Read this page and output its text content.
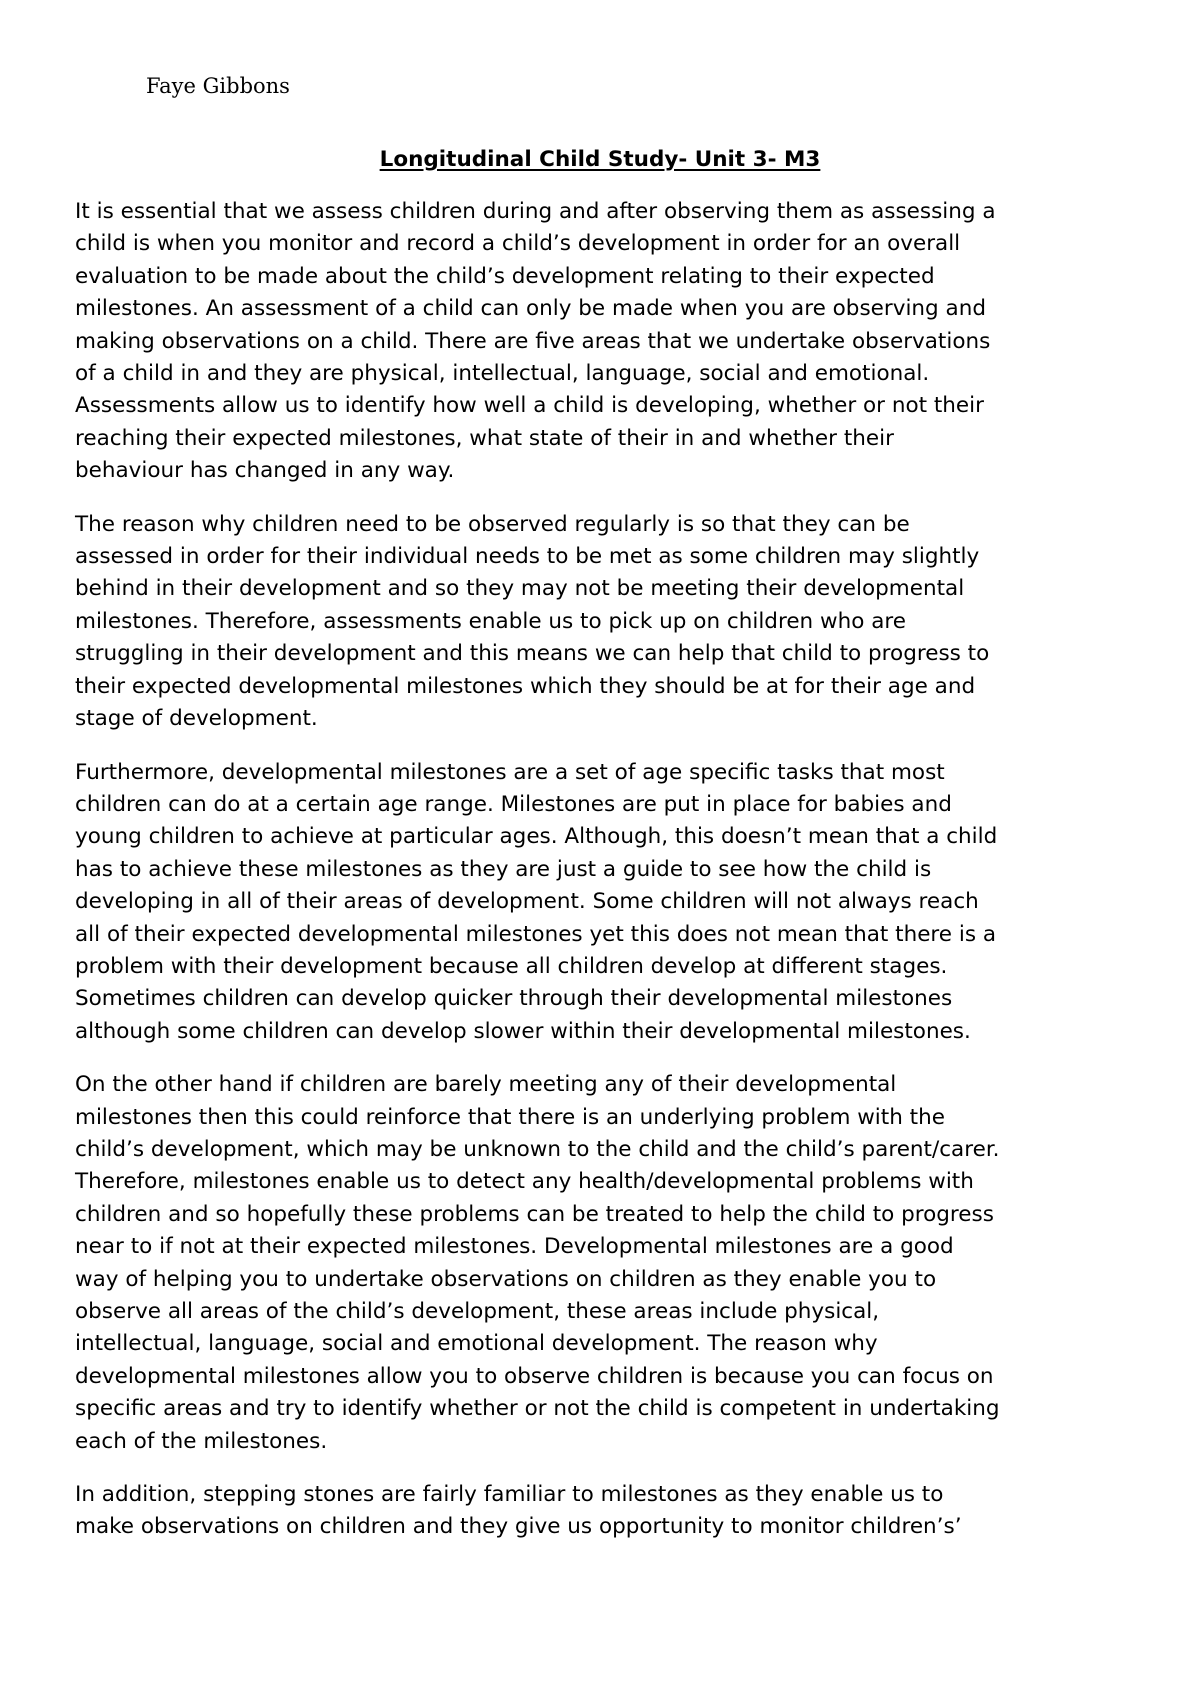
Faye Gibbons
Longitudinal Child Study- Unit 3- M3

It is essential that we assess children during and after observing them as assessing a
child is when you monitor and record a child’s development in order for an overall
evaluation to be made about the child’s development relating to their expected
milestones. An assessment of a child can only be made when you are observing and
making observations on a child. There are five areas that we undertake observations
of a child in and they are physical, intellectual, language, social and emotional.
Assessments allow us to identify how well a child is developing, whether or not their
reaching their expected milestones, what state of their in and whether their
behaviour has changed in any way.

The reason why children need to be observed regularly is so that they can be
assessed in order for their individual needs to be met as some children may slightly
behind in their development and so they may not be meeting their developmental
milestones. Therefore, assessments enable us to pick up on children who are
struggling in their development and this means we can help that child to progress to
their expected developmental milestones which they should be at for their age and
stage of development.

Furthermore, developmental milestones are a set of age specific tasks that most
children can do at a certain age range. Milestones are put in place for babies and
young children to achieve at particular ages. Although, this doesn’t mean that a child
has to achieve these milestones as they are just a guide to see how the child is
developing in all of their areas of development. Some children will not always reach
all of their expected developmental milestones yet this does not mean that there is a
problem with their development because all children develop at different stages.
Sometimes children can develop quicker through their developmental milestones
although some children can develop slower within their developmental milestones.

On the other hand if children are barely meeting any of their developmental
milestones then this could reinforce that there is an underlying problem with the
child’s development, which may be unknown to the child and the child’s parent/carer.
Therefore, milestones enable us to detect any health/developmental problems with
children and so hopefully these problems can be treated to help the child to progress
near to if not at their expected milestones. Developmental milestones are a good
way of helping you to undertake observations on children as they enable you to
observe all areas of the child’s development, these areas include physical,
intellectual, language, social and emotional development. The reason why
developmental milestones allow you to observe children is because you can focus on
specific areas and try to identify whether or not the child is competent in undertaking
each of the milestones.

In addition, stepping stones are fairly familiar to milestones as they enable us to
make observations on children and they give us opportunity to monitor children’s’
